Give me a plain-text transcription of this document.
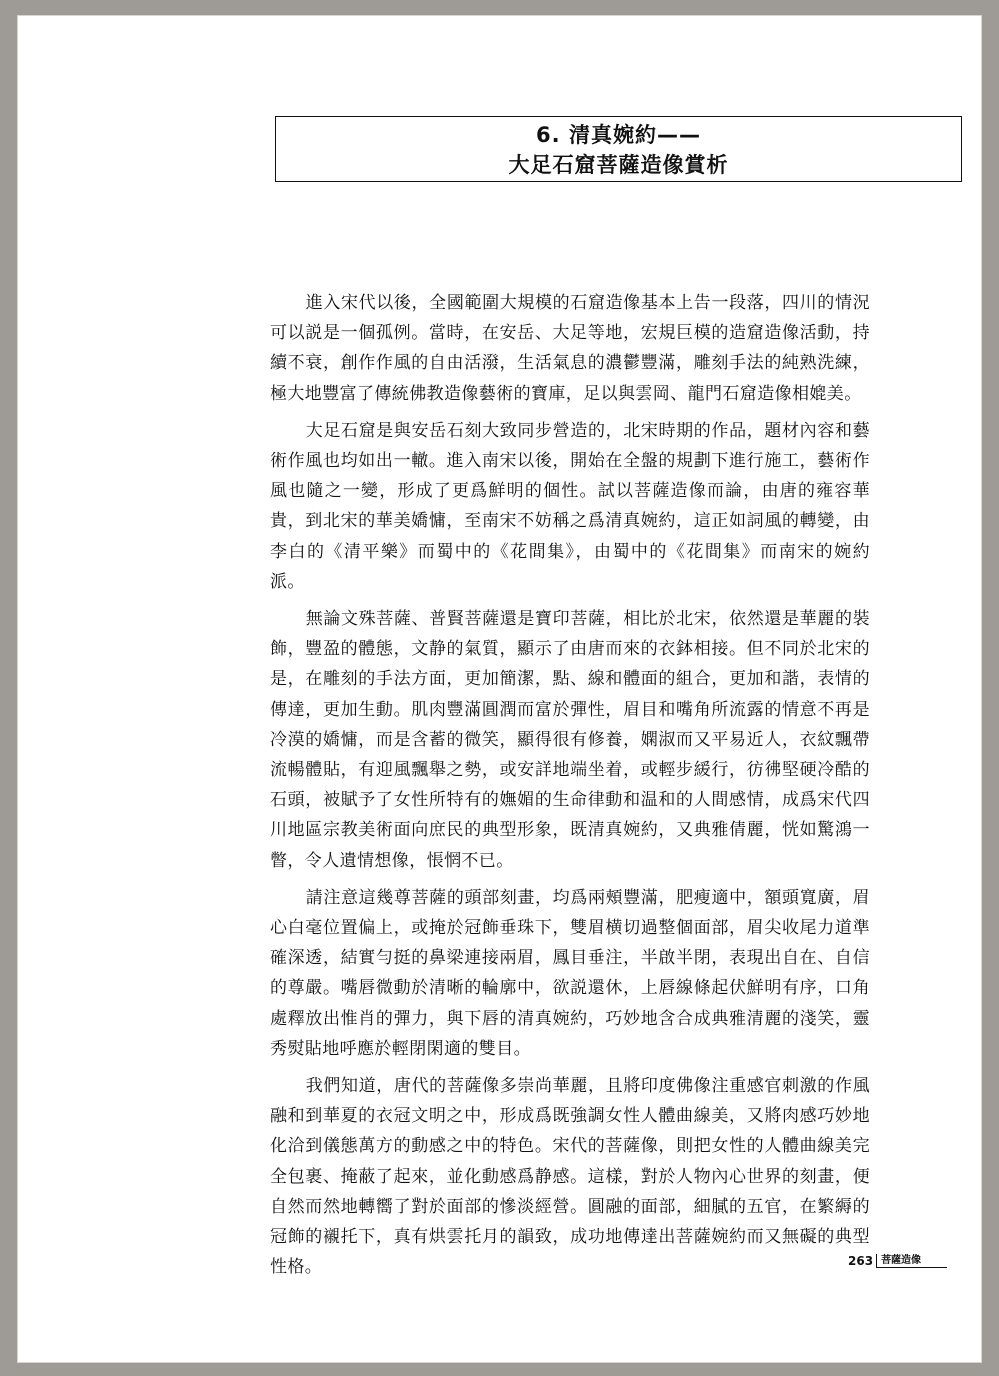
6. 清真婉約——
大足石窟菩薩造像賞析

進入宋代以後，全國範圍大規模的石窟造像基本上告一段落，四川的情況可以説是一個孤例。當時，在安岳、大足等地，宏規巨模的造窟造像活動，持續不衰，創作作風的自由活潑，生活氣息的濃鬱豐滿，雕刻手法的純熟洗練，極大地豐富了傳統佛教造像藝術的寶庫，足以與雲岡、龍門石窟造像相媲美。

大足石窟是與安岳石刻大致同步營造的，北宋時期的作品，題材內容和藝術作風也均如出一轍。進入南宋以後，開始在全盤的規劃下進行施工，藝術作風也隨之一變，形成了更爲鮮明的個性。試以菩薩造像而論，由唐的雍容華貴，到北宋的華美嬌慵，至南宋不妨稱之爲清真婉約，這正如詞風的轉變，由李白的《清平樂》而蜀中的《花間集》，由蜀中的《花間集》而南宋的婉約派。

無論文殊菩薩、普賢菩薩還是寶印菩薩，相比於北宋，依然還是華麗的裝飾，豐盈的體態，文静的氣質，顯示了由唐而來的衣鉢相接。但不同於北宋的是，在雕刻的手法方面，更加簡潔，點、線和體面的組合，更加和諧，表情的傳達，更加生動。肌肉豐滿圓潤而富於彈性，眉目和嘴角所流露的情意不再是冷漠的嬌慵，而是含蓄的微笑，顯得很有修養，嫻淑而又平易近人，衣紋飄帶流暢體貼，有迎風飄舉之勢，或安詳地端坐着，或輕步緩行，彷彿堅硬冷酷的石頭，被賦予了女性所特有的嫵媚的生命律動和温和的人間感情，成爲宋代四川地區宗教美術面向庶民的典型形象，既清真婉約，又典雅倩麗，恍如驚鴻一瞥，令人遺情想像，悵惘不已。

請注意這幾尊菩薩的頭部刻畫，均爲兩頰豐滿，肥瘦適中，額頭寬廣，眉心白毫位置偏上，或掩於冠飾垂珠下，雙眉横切過整個面部，眉尖收尾力道準確深透，結實勻挺的鼻梁連接兩眉，鳳目垂注，半啟半閉，表現出自在、自信的尊嚴。嘴唇微動於清晰的輪廓中，欲説還休，上唇線條起伏鮮明有序，口角處釋放出惟肖的彈力，與下唇的清真婉約，巧妙地含合成典雅清麗的淺笑，靈秀熨貼地呼應於輕閉閑適的雙目。

我們知道，唐代的菩薩像多崇尚華麗，且將印度佛像注重感官刺激的作風融和到華夏的衣冠文明之中，形成爲既強調女性人體曲線美，又將肉感巧妙地化洽到儀態萬方的動感之中的特色。宋代的菩薩像，則把女性的人體曲線美完全包裹、掩蔽了起來，並化動感爲静感。這樣，對於人物內心世界的刻畫，便自然而然地轉嚮了對於面部的慘淡經營。圓融的面部，細膩的五官，在繁縟的冠飾的襯托下，真有烘雲托月的韻致，成功地傳達出菩薩婉約而又無礙的典型性格。	263 菩薩造像
